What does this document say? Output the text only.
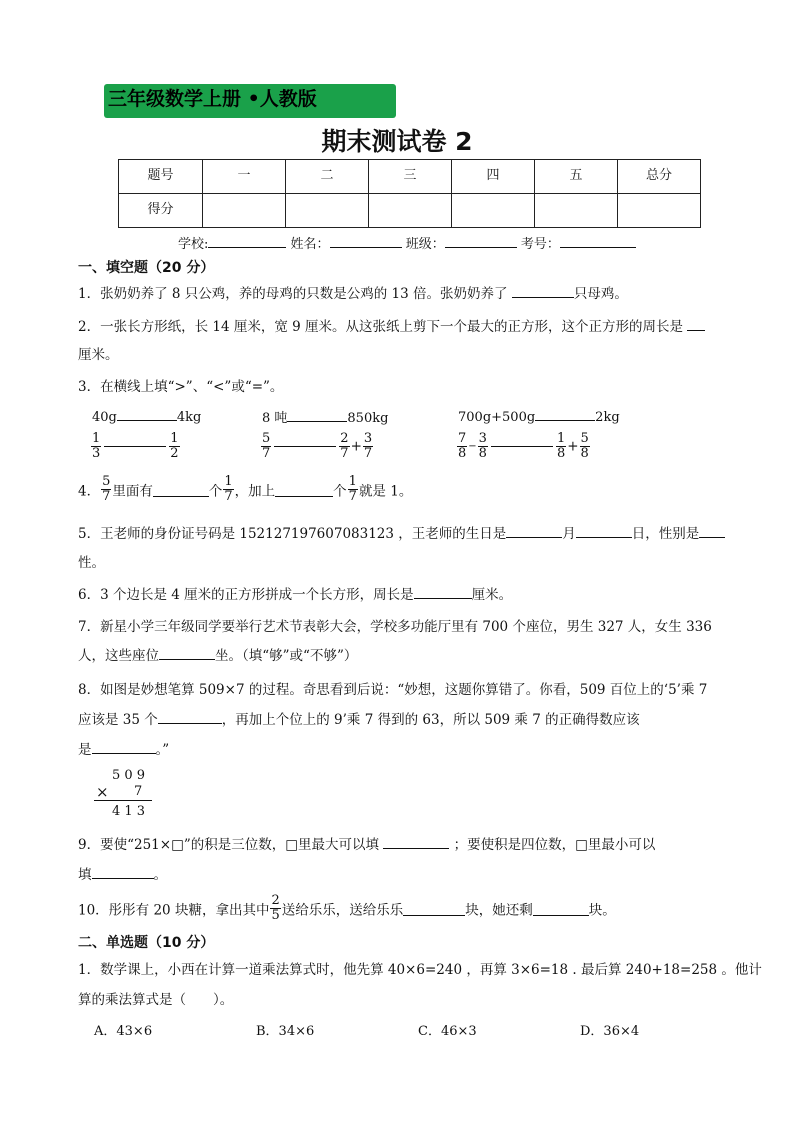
三年级数学上册 •人教版
期末测试卷 2
题号	一	二	三	四	五	总分
得分						
学校:	姓名：	班级：	考号：
一、填空题（20 分）
1．张奶奶养了 8 只公鸡，养的母鸡的只数是公鸡的 13 倍。张奶奶养了	只母鸡。
2．一张长方形纸，长 14 厘米，宽 9 厘米。从这张纸上剪下一个最大的正方形，这个正方形的周长是
厘米。
3．在横线上填“>”、“<”或“=”。
40g	4kg	8 吨	850kg	700g+500g	2kg
$\frac{1}{3}$	$\frac{1}{2}$	$\frac{5}{7}$	$\frac{2}{7} + \frac{3}{7}$	$\frac{7}{8} - \frac{3}{8}$	$\frac{1}{8} + \frac{5}{8}$
4． $\frac{5}{7}$ 里面有	个 $\frac{1}{7}$ ，加上	个 $\frac{1}{7}$ 就是 1。
5．王老师的身份证号码是 152127197607083123 ，王老师的生日是	月	日，性别是
性。
6．3 个边长是 4 厘米的正方形拼成一个长方形，周长是	厘米。
7．新星小学三年级同学要举行艺术节表彰大会，学校多功能厅里有 700 个座位，男生 327 人，女生 336
人，这些座位	坐。（填“够”或“不够”）
8．如图是妙想笔算 509×7 的过程。奇思看到后说：“妙想，这题你算错了。你看，509 百位上的‘5’乘 7
应该是 35 个	，再加上个位上的 9’乘 7 得到的 63，所以 509 乘 7 的正确得数应该
是	。”
5 0 9
× 7
4 1 3
9．要使“251×□”的积是三位数，□里最大可以填	；要使积是四位数，□里最小可以
填	。
10．彤彤有 20 块糖，拿出其中 $\frac{2}{5}$ 送给乐乐，送给乐乐	块，她还剩	块。
二、单选题（10 分）
1．数学课上，小西在计算一道乘法算式时，他先算 40×6=240 ，再算 3×6=18 . 最后算 240+18=258 。他计
算的乘法算式是（　　）。
A．43×6	B．34×6	C．46×3	D．36×4
